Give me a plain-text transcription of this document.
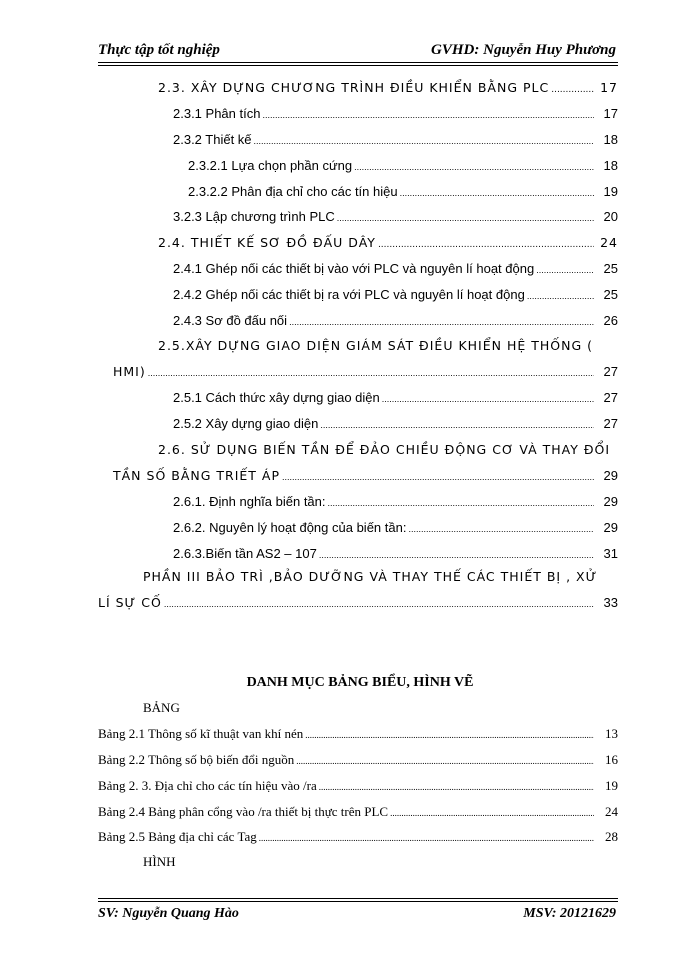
Thực tập tốt nghiệp	GVHD: Nguyễn Huy Phương
2.3. XÂY DỰNG CHƯƠNG TRÌNH ĐIỀU KHIỂN BẰNG PLC .....	17
2.3.1 Phân tích .....	17
2.3.2 Thiết kế .....	18
2.3.2.1 Lựa chọn phần cứng .....	18
2.3.2.2 Phân địa chỉ cho các tín hiệu .....	19
3.2.3 Lập chương trình PLC .....	20
2.4. THIẾT KẾ SƠ ĐỒ ĐẤU DÂY .....	24
2.4.1 Ghép nối các thiết bị vào với PLC và nguyên lí hoạt động .....	25
2.4.2 Ghép nối các thiết bị ra với PLC và nguyên lí hoạt động .....	25
2.4.3 Sơ đồ đấu nối .....	26
2.5.XÂY DỰNG GIAO DIỆN GIÁM SÁT ĐIỀU KHIỂN HỆ THỐNG (
HMI) .....	27
2.5.1 Cách thức xây dựng giao diện .....	27
2.5.2 Xây dựng giao diện .....	27
2.6. SỬ DỤNG BIẾN TẦN ĐỂ ĐẢO CHIỀU ĐỘNG CƠ VÀ THAY ĐỔI
TẦN SỐ BẰNG TRIẾT ÁP .....	29
2.6.1. Định nghĩa biến tần: .....	29
2.6.2. Nguyên lý hoạt động của biến tần: .....	29
2.6.3.Biến tần AS2 – 107 .....	31
PHẦN III BẢO TRÌ ,BẢO DƯỠNG VÀ THAY THẾ CÁC THIẾT BỊ , XỬ
LÍ SỰ CỐ .....	33
DANH MỤC BẢNG BIỂU, HÌNH VẼ
BẢNG
Bảng 2.1 Thông số kĩ thuật van khí nén .....	13
Bảng 2.2 Thông số bộ biến đổi nguồn .....	16
Bảng 2. 3. Địa chỉ cho các tín hiệu vào /ra .....	19
Bảng 2.4 Bảng phân cổng vào /ra thiết bị thực trên PLC .....	24
Bảng 2.5 Bảng địa chỉ các Tag .....	28
HÌNH
SV: Nguyễn Quang Hào	MSV: 20121629
